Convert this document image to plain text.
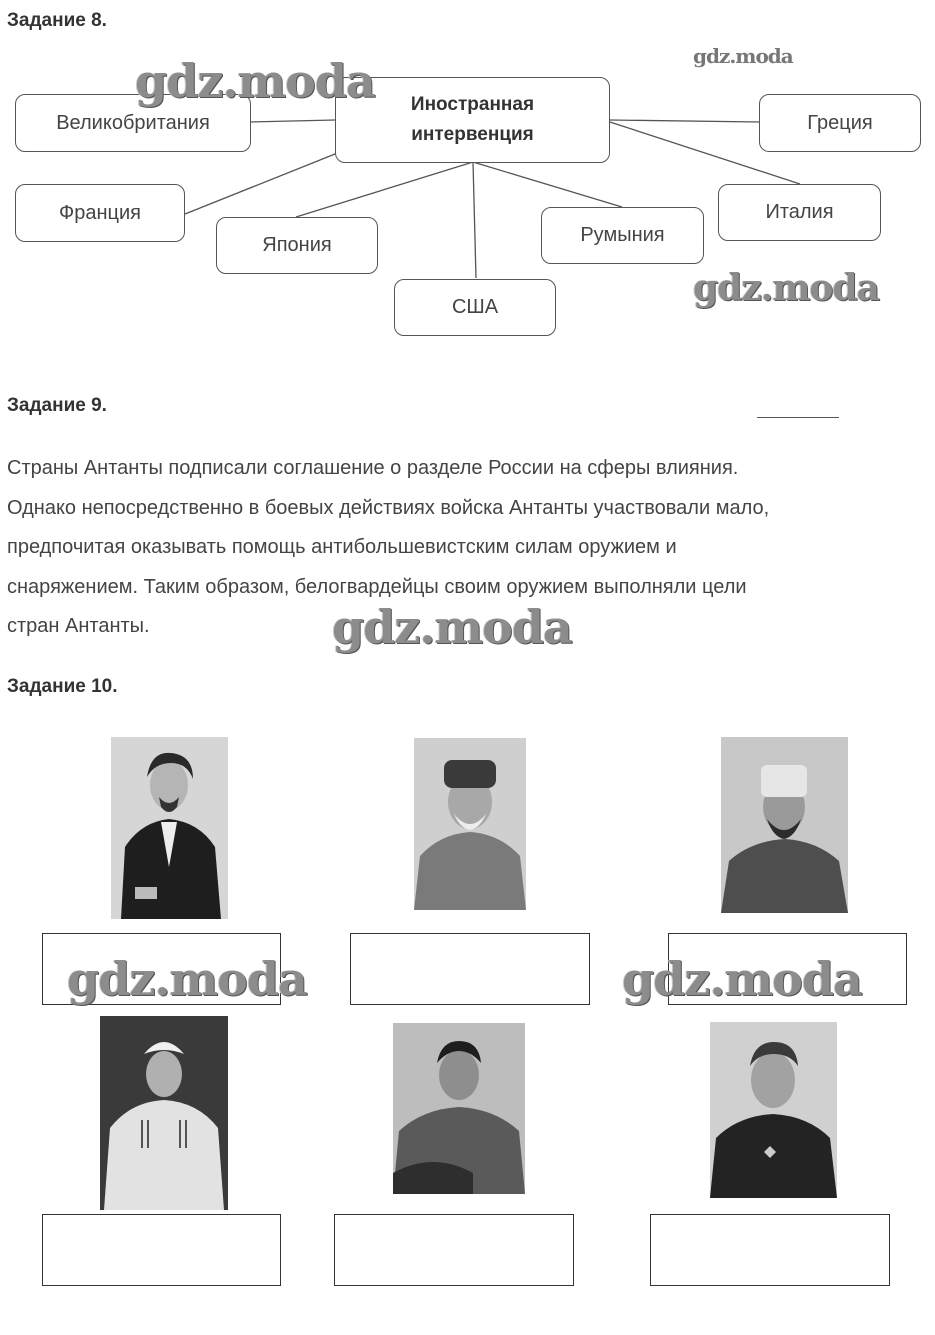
Задание 8.
Иностранная
интервенция
Великобритания
Франция
Япония
США
Румыния
Италия
Греция
Задание 9.
Страны Антанты подписали соглашение о разделе России на сферы влияния.
Однако непосредственно в боевых действиях войска Антанты участвовали мало,
предпочитая оказывать помощь антибольшевистским силам оружием и
снаряжением. Таким образом, белогвардейцы своим оружием выполняли цели
стран Антанты.
Задание 10.
gdz.moda	gdz.moda
gdz.moda
gdz.moda
gdz.moda	gdz.moda
